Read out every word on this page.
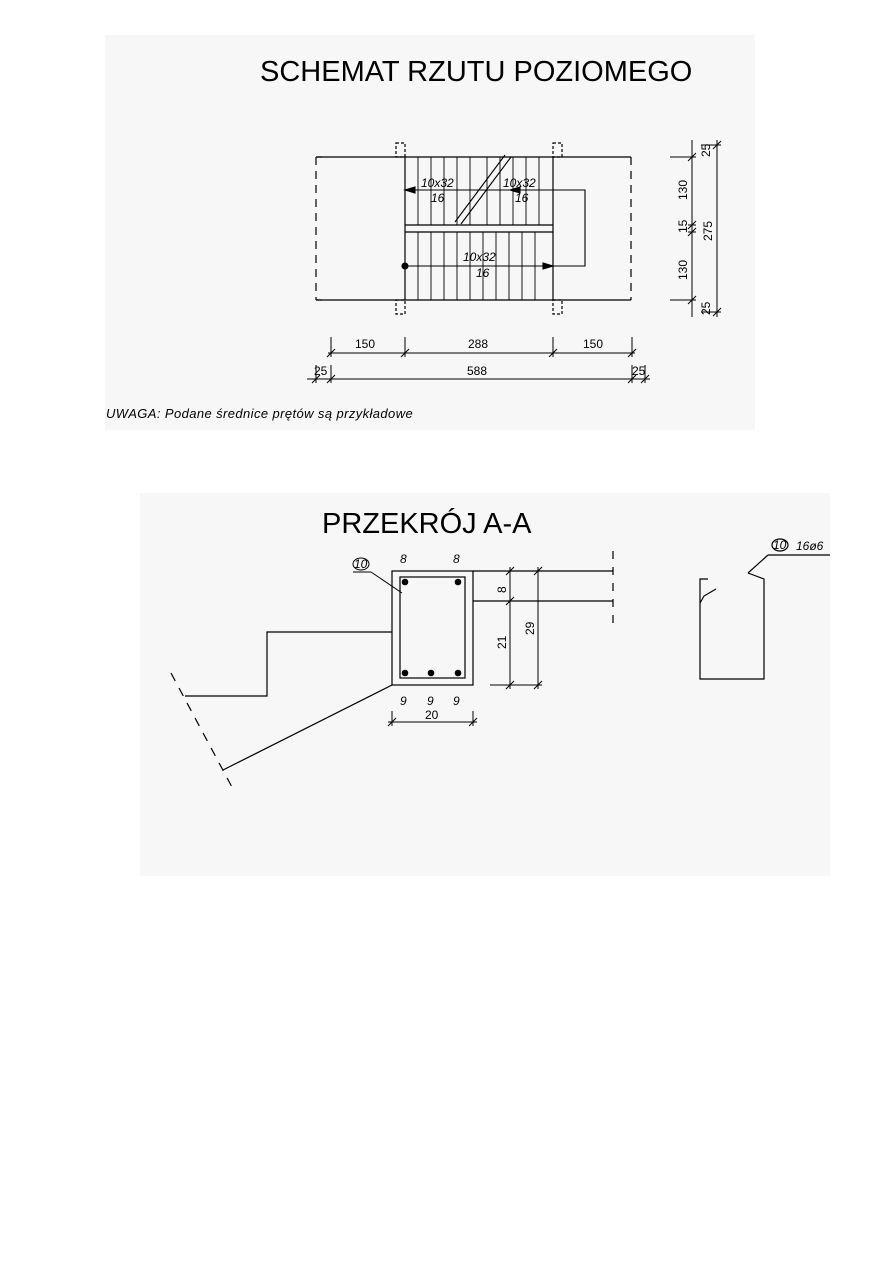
SCHEMAT RZUTU POZIOMEGO
10x32
16
10x32
16
10x32
16
150	288	150
588
25	25
25
130
15
130
25
275
UWAGA: Podane średnice prętów są przykładowe
PRZEKRÓJ A-A
10	8	8
9 9 9
20
8
21
29
10 16ø6
